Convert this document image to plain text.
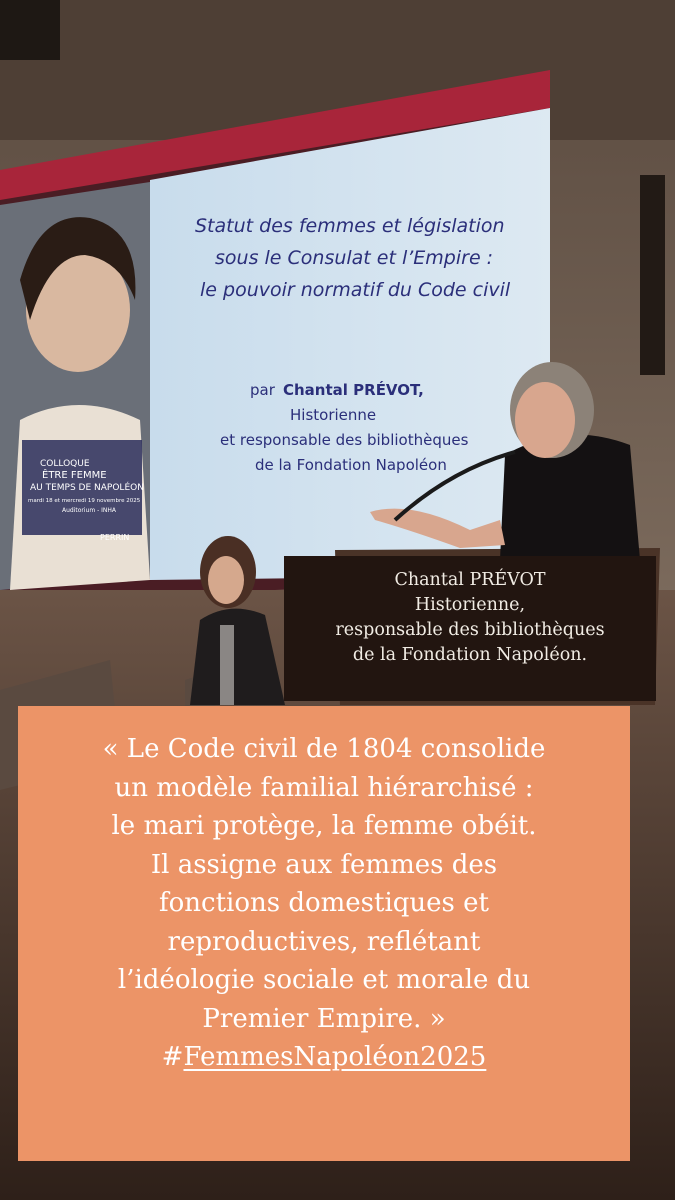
COLLOQUE
ÊTRE FEMME
AU TEMPS DE NAPOLÉON
mardi 18 et mercredi 19 novembre 2025
Auditorium - INHA
PERRIN
Statut des femmes et législation
sous le Consulat et l’Empire :
le pouvoir normatif du Code civil
par Chantal PRÉVOT,
Historienne
et responsable des bibliothèques
de la Fondation Napoléon
Chantal PRÉVOT
Historienne,
responsable des bibliothèques
de la Fondation Napoléon.
« Le Code civil de 1804 consolide
un modèle familial hiérarchisé :
le mari protège, la femme obéit.
Il assigne aux femmes des
fonctions domestiques et
reproductives, reflétant
l’idéologie sociale et morale du
Premier Empire. »
#FemmesNapoléon2025
